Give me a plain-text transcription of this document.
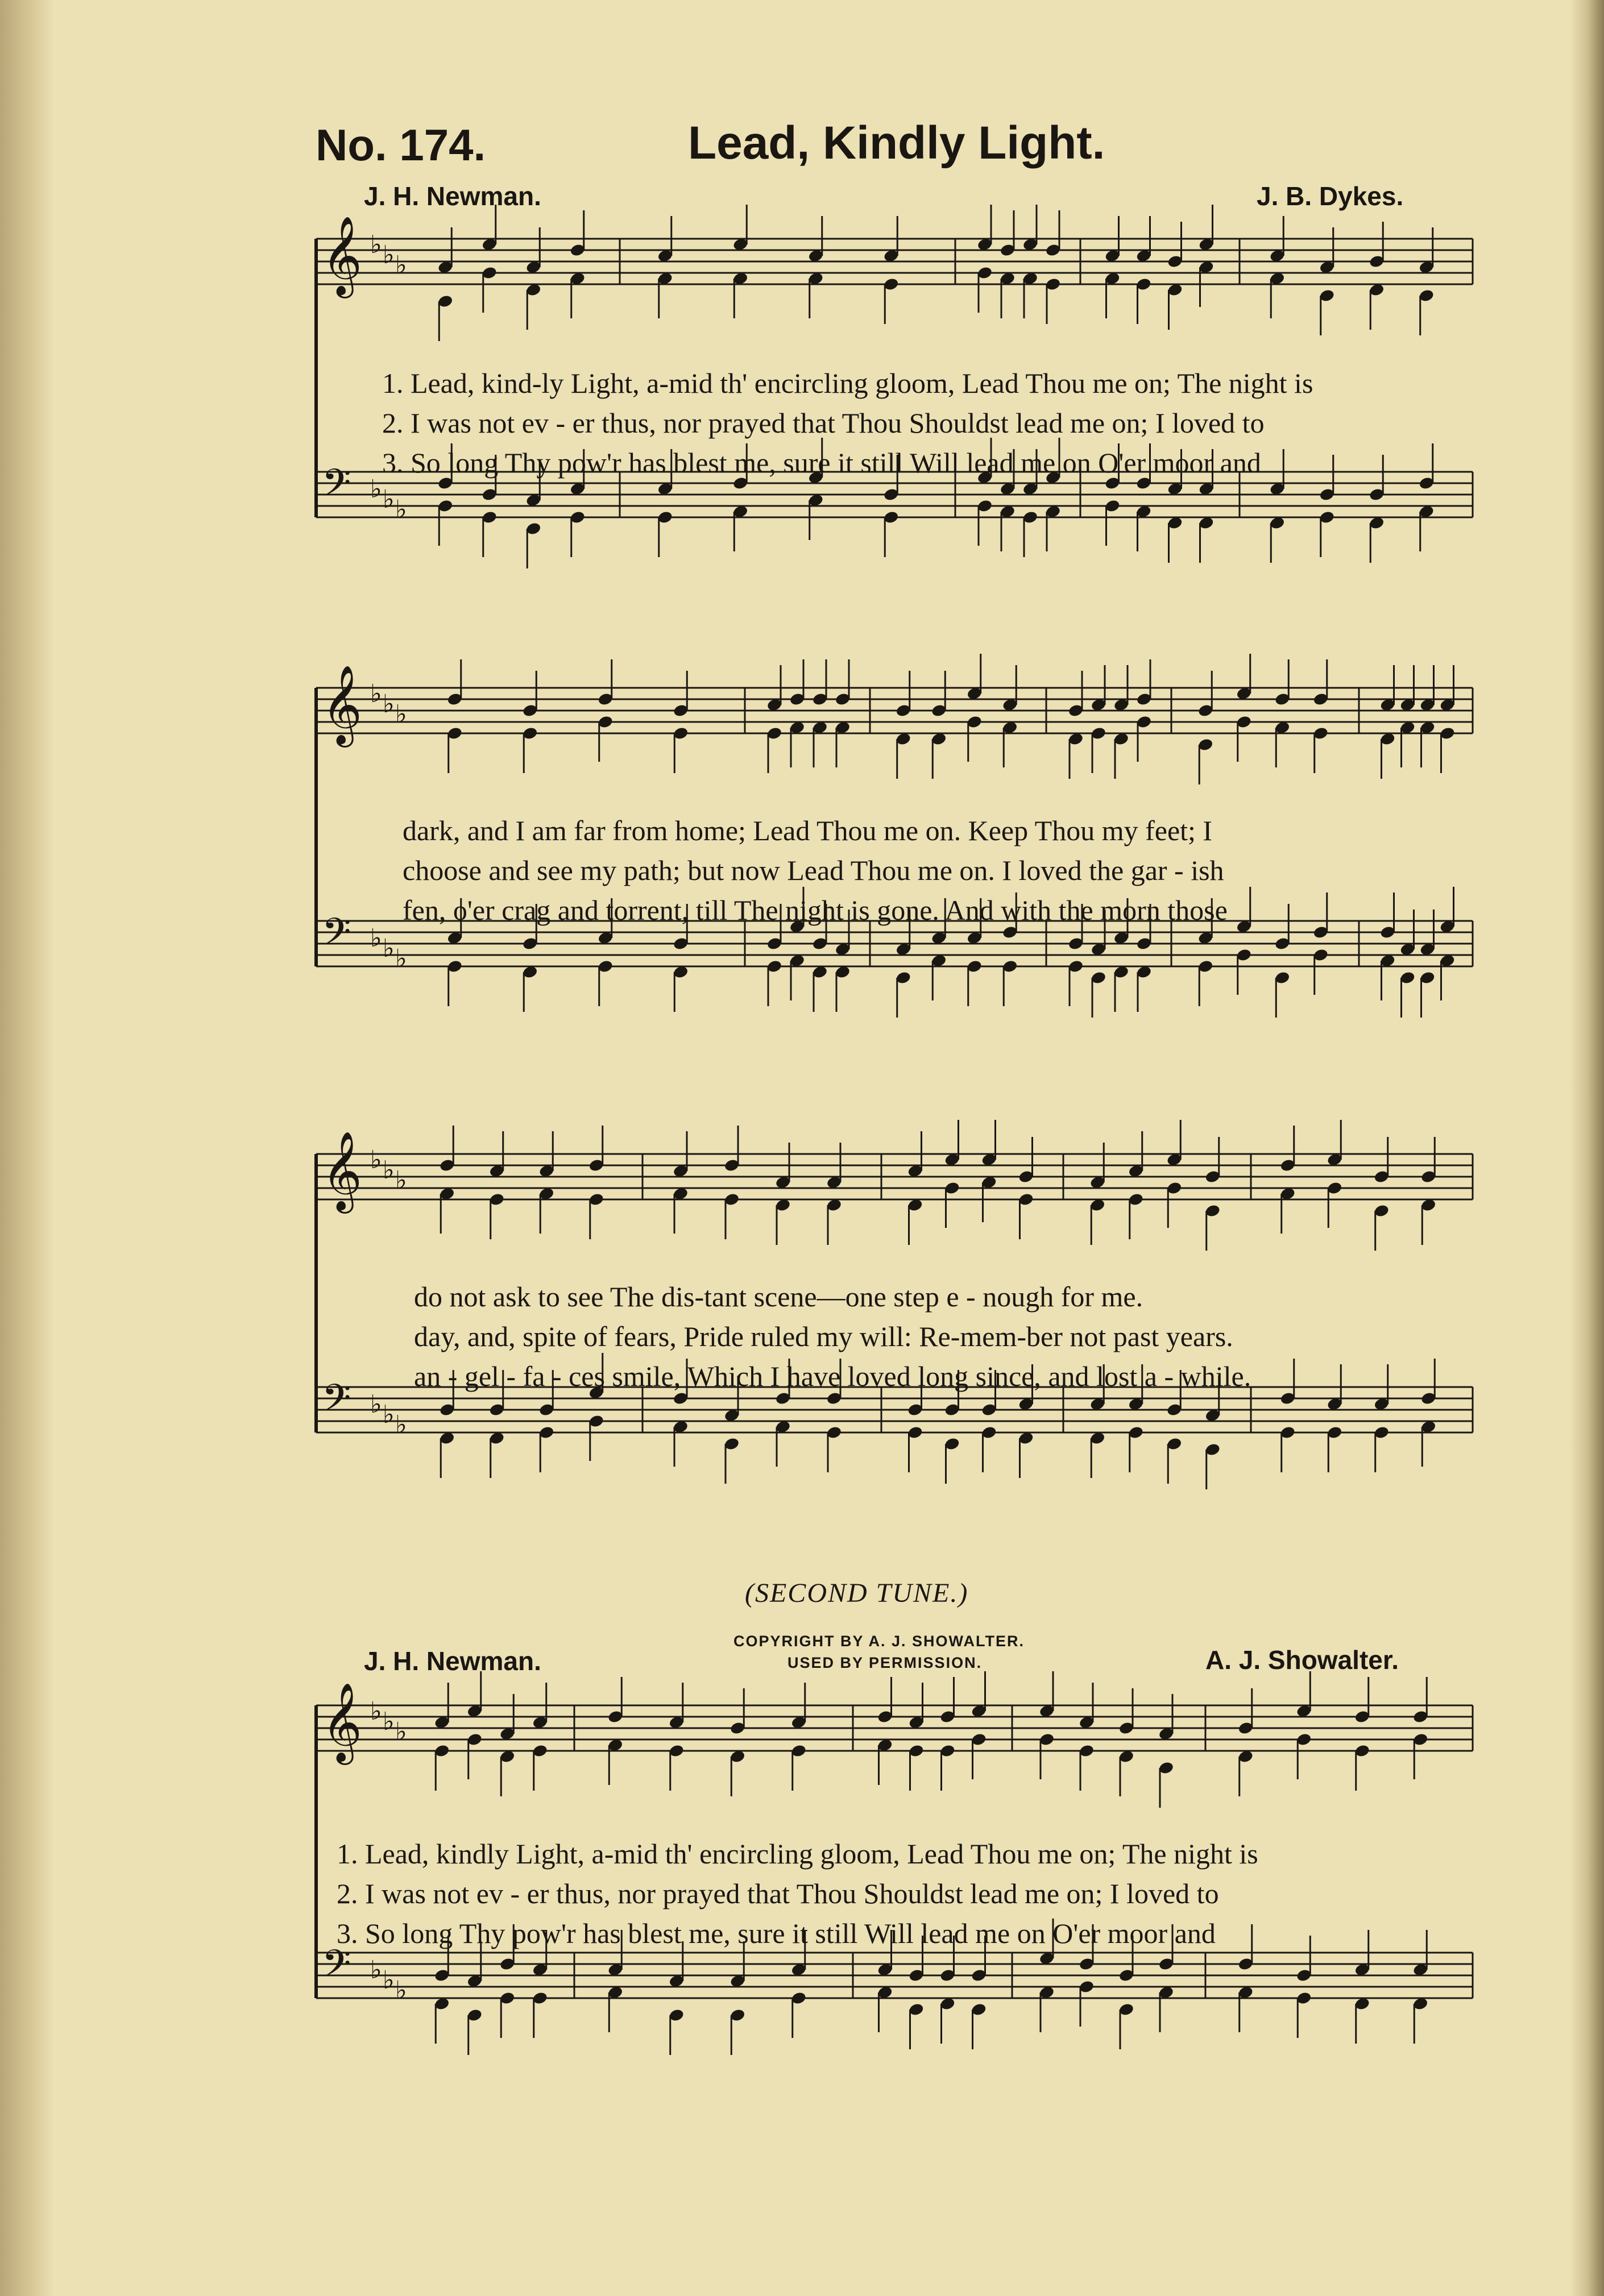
No. 174.	Lead, Kindly Light.
J. H. Newman.	J. B. Dykes.
𝄞 ♭ ♭ ♭
𝄢 ♭ ♭ ♭
1. Lead, kind-ly Light, a-mid th' encircling gloom, Lead Thou me on; The night is
2. I was not ev - er thus, nor prayed that Thou Shouldst lead me on; I loved to
3. So long Thy pow'r has blest me, sure it still Will lead me on O'er moor and
𝄞 ♭ ♭ ♭
𝄢 ♭ ♭ ♭
dark, and I am far from home; Lead Thou me on. Keep Thou my feet; I
choose and see my path; but now Lead Thou me on. I loved the gar - ish
fen, o'er crag and torrent, till The night is gone. And with the morn those
𝄞 ♭ ♭ ♭
𝄢 ♭ ♭ ♭
do not ask to see The dis-tant scene—one step e - nough for me.
day, and, spite of fears, Pride ruled my will: Re-mem-ber not past years.
an - gel - fa - ces smile, Which I have loved long since, and lost a - while.
(SECOND TUNE.)
COPYRIGHT BY A. J. SHOWALTER.
USED BY PERMISSION.
J. H. Newman.	A. J. Showalter.
𝄞 ♭ ♭ ♭
𝄢 ♭ ♭ ♭
1. Lead, kindly Light, a-mid th' encircling gloom, Lead Thou me on; The night is
2. I was not ev - er thus, nor prayed that Thou Shouldst lead me on; I loved to
3. So long Thy pow'r has blest me, sure it still Will lead me on O'er moor and
